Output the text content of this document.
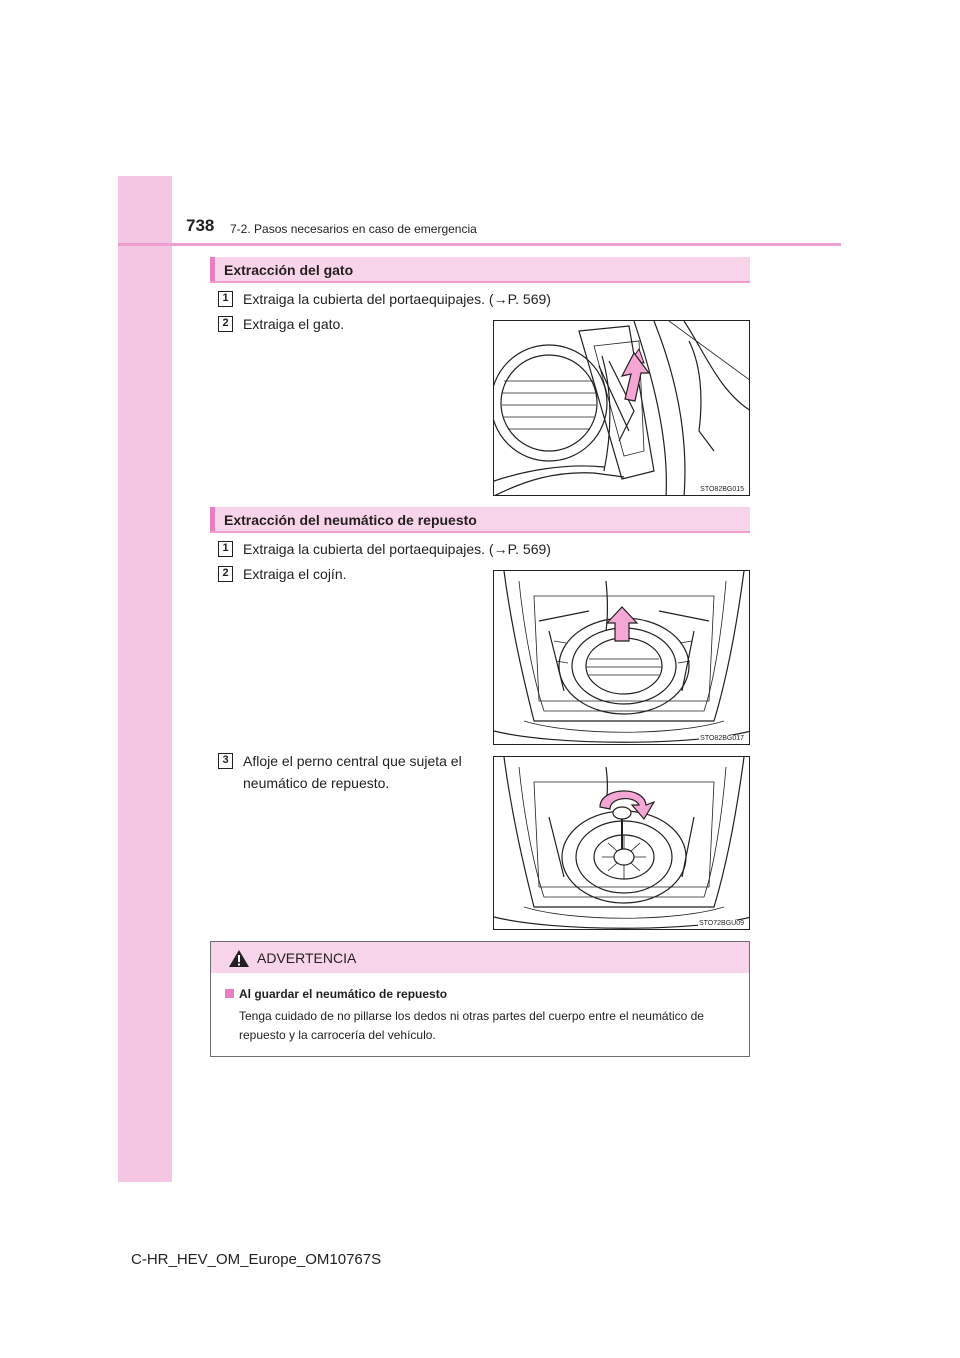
738 7-2. Pasos necesarios en caso de emergencia
Extracción del gato
1	Extraiga la cubierta del portaequipajes. (→P. 569)
2	Extraiga el gato.
STO82BG015
Extracción del neumático de repuesto
1	Extraiga la cubierta del portaequipajes. (→P. 569)
2	Extraiga el cojín.
STO82BG017
3	Afloje el perno central que sujeta el
neumático de repuesto.
STO72BGU09
ADVERTENCIA
Al guardar el neumático de repuesto
Tenga cuidado de no pillarse los dedos ni otras partes del cuerpo entre el neumático de repuesto y la carrocería del vehículo.
C-HR_HEV_OM_Europe_OM10767S
